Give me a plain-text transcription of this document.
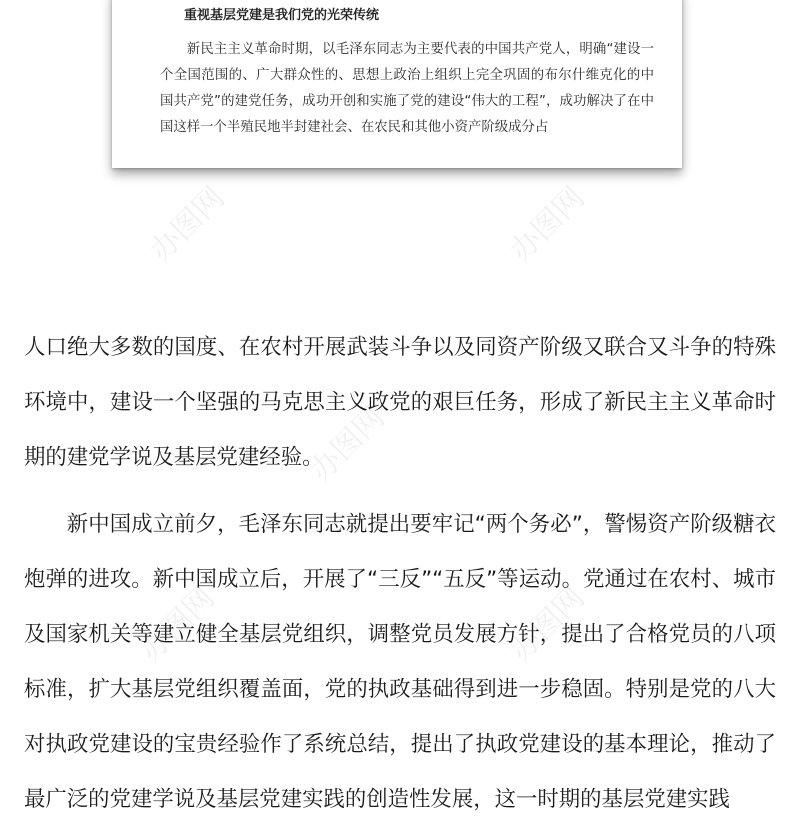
重视基层党建是我们党的光荣传统

新民主主义革命时期，以毛泽东同志为主要代表的中国共产党人，明确“建设一个全国范围的、广大群众性的、思想上政治上组织上完全巩固的布尔什维克化的中国共产党”的建党任务，成功开创和实施了党的建设“伟大的工程”，成功解决了在中国这样一个半殖民地半封建社会、在农民和其他小资产阶级成分占

办图网	办图网
办图网
办图网	办图网

人口绝大多数的国度、在农村开展武装斗争以及同资产阶级又联合又斗争的特殊环境中，建设一个坚强的马克思主义政党的艰巨任务，形成了新民主主义革命时期的建党学说及基层党建经验。

新中国成立前夕，毛泽东同志就提出要牢记“两个务必”，警惕资产阶级糖衣炮弹的进攻。新中国成立后，开展了“三反”“五反”等运动。党通过在农村、城市及国家机关等建立健全基层党组织，调整党员发展方针，提出了合格党员的八项标准，扩大基层党组织覆盖面，党的执政基础得到进一步稳固。特别是党的八大对执政党建设的宝贵经验作了系统总结，提出了执政党建设的基本理论，推动了最广泛的党建学说及基层党建实践的创造性发展，这一时期的基层党建实践
